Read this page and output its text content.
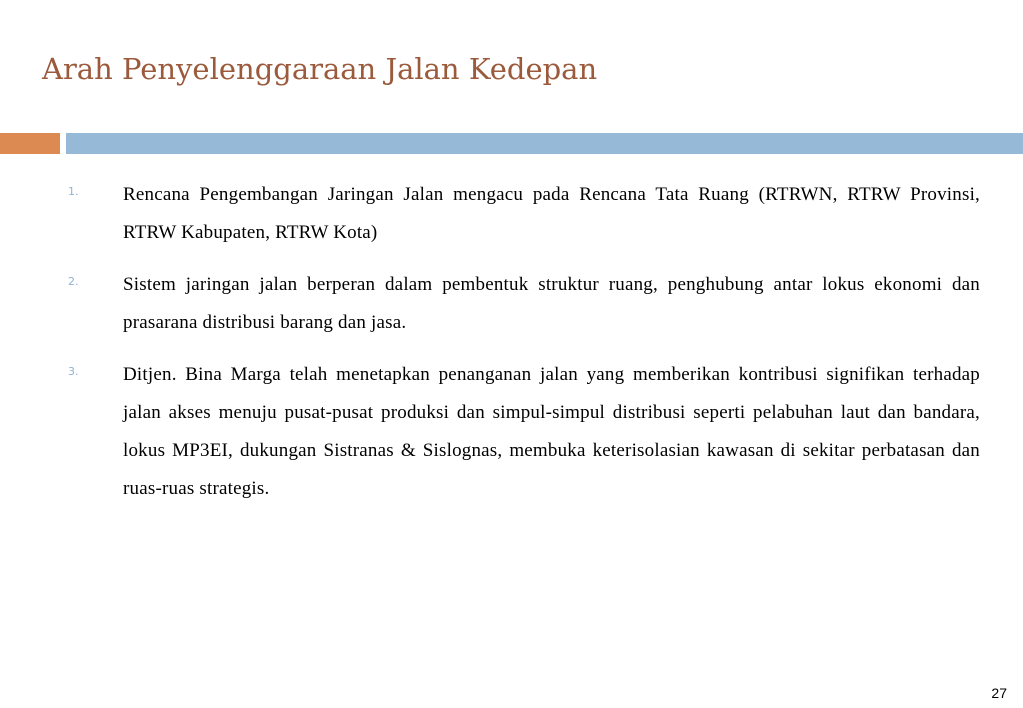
Arah Penyelenggaraan Jalan Kedepan
1. Rencana Pengembangan Jaringan Jalan mengacu pada Rencana Tata Ruang (RTRWN, RTRW Provinsi, RTRW Kabupaten, RTRW Kota)
2. Sistem jaringan jalan berperan dalam pembentuk struktur ruang, penghubung antar lokus ekonomi dan prasarana distribusi barang dan jasa.
3. Ditjen. Bina Marga telah menetapkan penanganan jalan yang memberikan kontribusi signifikan terhadap jalan akses menuju pusat-pusat produksi dan simpul-simpul distribusi seperti pelabuhan laut dan bandara, lokus MP3EI, dukungan Sistranas & Sislognas, membuka keterisolasian kawasan di sekitar perbatasan dan ruas-ruas strategis.
27
